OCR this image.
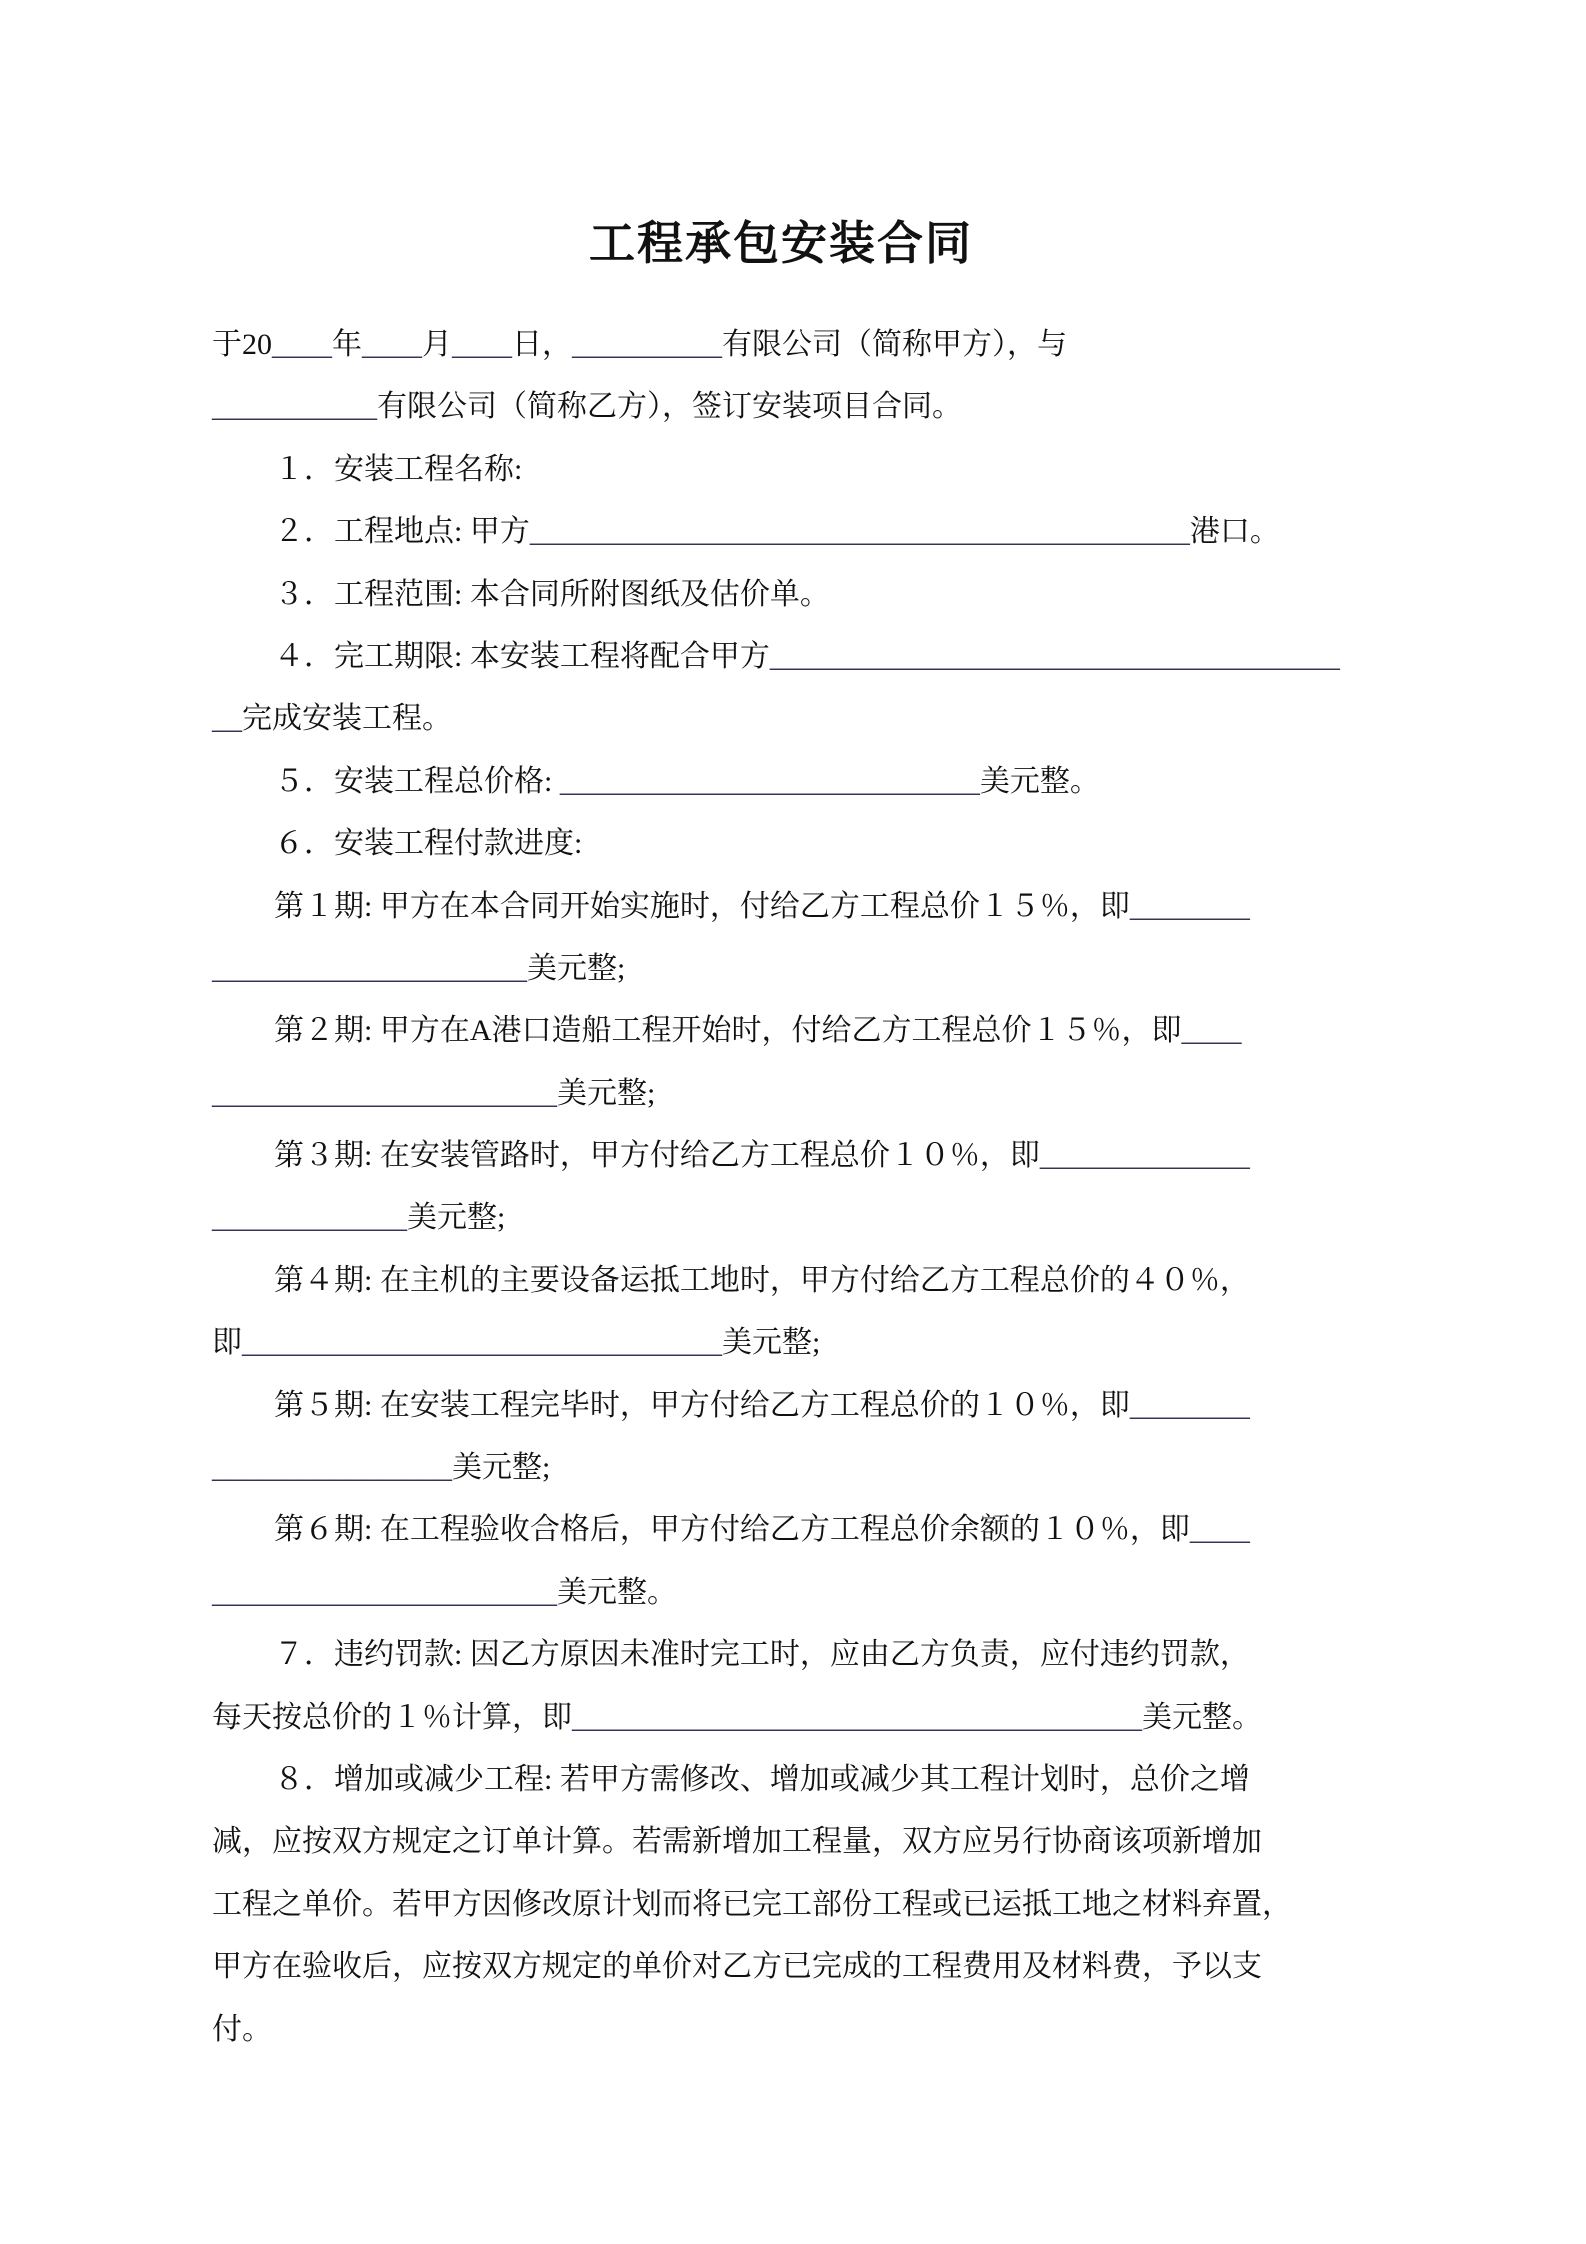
工程承包安装合同
于20____年____月____日，__________有限公司（简称甲方），与
___________有限公司（简称乙方），签订安装项目合同。
１．安装工程名称:
２．工程地点: 甲方____________________________________________港口。
３．工程范围: 本合同所附图纸及估价单。
４．完工期限: 本安装工程将配合甲方______________________________________
__完成安装工程。
５．安装工程总价格: ____________________________美元整。
６．安装工程付款进度:
第１期: 甲方在本合同开始实施时，付给乙方工程总价１５％，即________
_____________________美元整;
第２期: 甲方在A港口造船工程开始时，付给乙方工程总价１５％，即____
_______________________美元整;
第３期: 在安装管路时，甲方付给乙方工程总价１０％，即______________
_____________美元整;
第４期: 在主机的主要设备运抵工地时，甲方付给乙方工程总价的４０％，
即________________________________美元整;
第５期: 在安装工程完毕时，甲方付给乙方工程总价的１０％，即________
________________美元整;
第６期: 在工程验收合格后，甲方付给乙方工程总价余额的１０％，即____
_______________________美元整。
７．违约罚款: 因乙方原因未准时完工时，应由乙方负责，应付违约罚款，
每天按总价的１％计算，即______________________________________美元整。
８．增加或减少工程: 若甲方需修改、增加或减少其工程计划时，总价之增
减，应按双方规定之订单计算。若需新增加工程量，双方应另行协商该项新增加
工程之单价。若甲方因修改原计划而将已完工部份工程或已运抵工地之材料弃置，
甲方在验收后，应按双方规定的单价对乙方已完成的工程费用及材料费，予以支
付。
